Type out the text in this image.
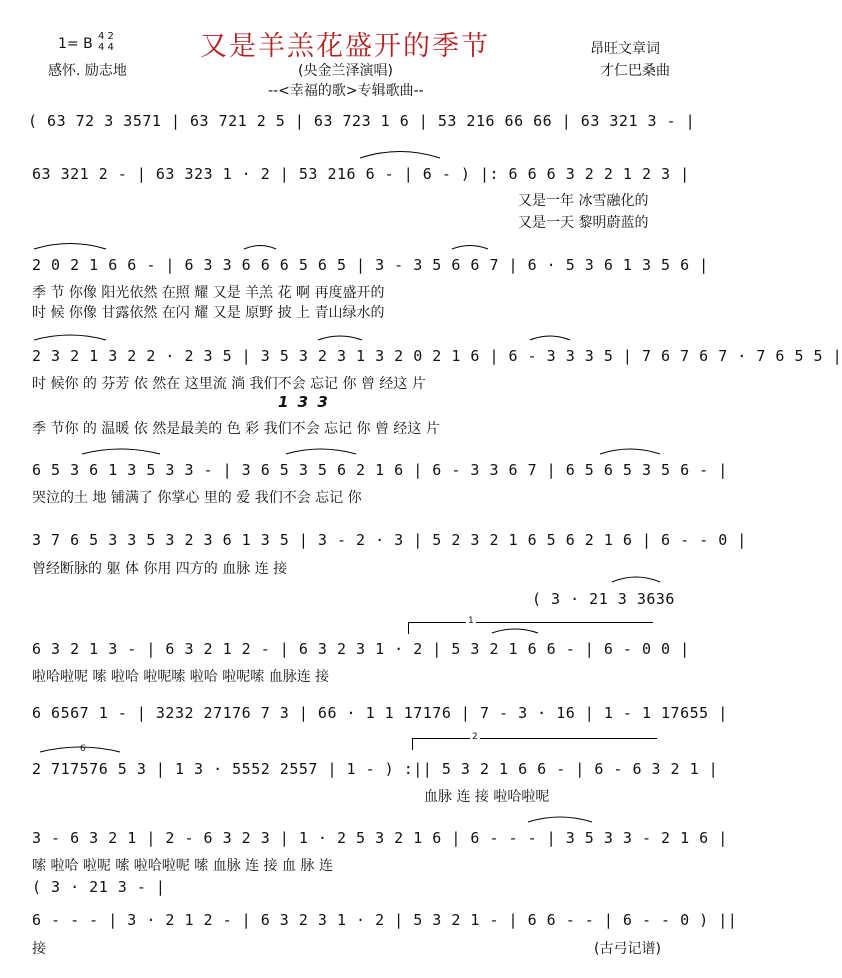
1= B 4 2
4 4
感怀. 励志地
又是羊羔花盛开的季节
(央金兰泽演唱)
--<幸福的歌>专辑歌曲--
昂旺文章词
才仁巴桑曲
( 63 72 3 3571 | 63 721 2 5 | 63 723 1 6 | 53 216 66 66 | 63 321 3 - |
63 321 2 - | 63 323 1 · 2 | 53 216 6 - | 6 - ) |: 6 6 6 3 2 2 1 2 3 |
又是一年 冰雪融化的
又是一天 黎明蔚蓝的
2 0 2 1 6 6 - | 6 3 3 6 6 6 5 6 5 | 3 - 3 5 6 6 7 | 6 · 5 3 6 1 3 5 6 |
季 节 你像 阳光依然 在照 耀 又是 羊羔 花 啊 再度盛开的
时 候 你像 甘露依然 在闪 耀 又是 原野 披 上 青山绿水的
2 3 2 1 3 2 2 · 2 3 5 | 3 5 3 2 3 1 3 2 0 2 1 6 | 6 - 3 3 3 5 | 7 6 7 6 7 · 7 6 5 5 |
时 候你 的 芬芳 依 然在 这里流 淌 我们不会 忘记 你 曾 经这 片
1 3 3
季 节你 的 温暖 依 然是最美的 色 彩 我们不会 忘记 你 曾 经这 片
6 5 3 6 1 3 5 3 3 - | 3 6 5 3 5 6 2 1 6 | 6 - 3 3 6 7 | 6 5 6 5 3 5 6 - |
哭泣的土 地 铺满了 你掌心 里的 爱 我们不会 忘记 你
3 7 6 5 3 3 5 3 2 3 6 1 3 5 | 3 - 2 · 3 | 5 2 3 2 1 6 5 6 2 1 6 | 6 - - 0 |
曾经断脉的 躯 体 你用 四方的 血脉 连 接
( 3 · 21 3 3636
1
6 3 2 1 3 - | 6 3 2 1 2 - | 6 3 2 3 1 · 2 | 5 3 2 1 6 6 - | 6 - 0 0 |
啦哈啦呢 嗦 啦哈 啦呢嗦 啦哈 啦呢嗦 血脉连 接
6 6567 1 - | 3232 27176 7 3 | 66 · 1 1 17176 | 7 - 3 · 16 | 1 - 1 17655 |
2
6
2 717576 5 3 | 1 3 · 5552 2557 | 1 - ) :|| 5 3 2 1 6 6 - | 6 - 6 3 2 1 |
血脉 连 接 啦哈啦呢
3 - 6 3 2 1 | 2 - 6 3 2 3 | 1 · 2 5 3 2 1 6 | 6 - - - | 3 5 3 3 - 2 1 6 |
嗦 啦哈 啦呢 嗦 啦哈啦呢 嗦 血脉 连 接 血 脉 连
( 3 · 21 3 - |
6 - - - | 3 · 2 1 2 - | 6 3 2 3 1 · 2 | 5 3 2 1 - | 6 6 - - | 6 - - 0 ) ||
接	(古弓记谱)
